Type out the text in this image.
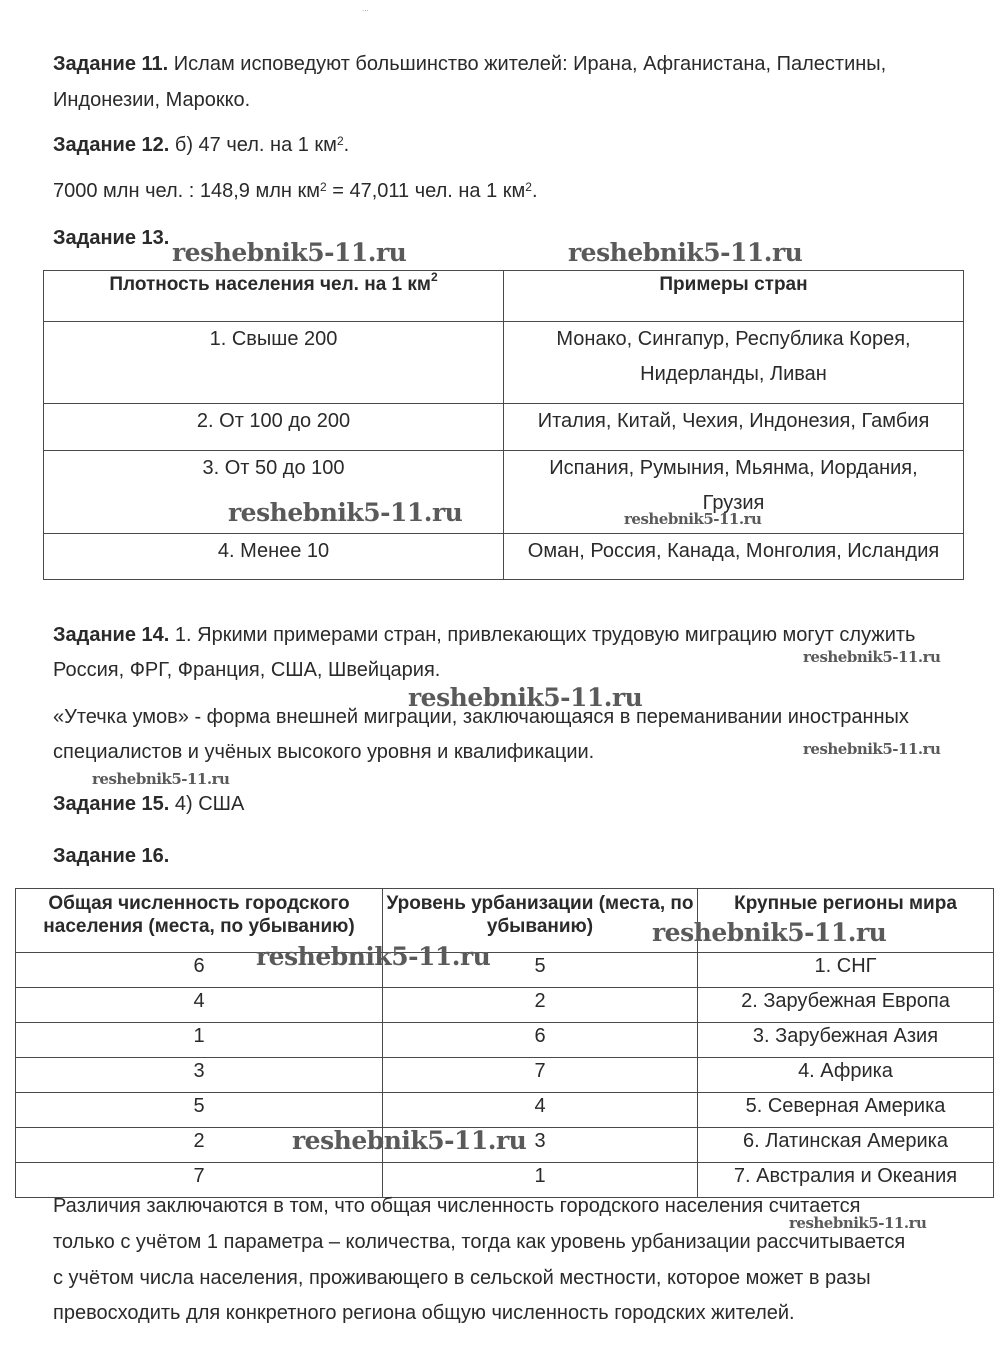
...
Задание 11. Ислам исповедуют большинство жителей: Ирана, Афганистана, Палестины,
Индонезии, Марокко.
Задание 12. б) 47 чел. на 1 $км^2$.
7000 млн чел. : 148,9 млн $км^2 = 47,011$ чел. на 1 $км^2$.
Задание 13.
Плотность населения чел. на 1 $км^2$	Примеры стран
1. Свыше 200	Монако, Сингапур, Республика Корея,
Нидерланды, Ливан

2. От 100 до 200	Италия, Китай, Чехия, Индонезия, Гамбия

3. От 50 до 100	Испания, Румыния, Мьянма, Иордания,
Грузия

4. Менее 10	Оман, Россия, Канада, Монголия, Исландия
Задание 14. 1. Яркими примерами стран, привлекающих трудовую миграцию могут служить
Россия, ФРГ, Франция, США, Швейцария.
«Утечка умов» - форма внешней миграции, заключающаяся в переманивании иностранных
специалистов и учёных высокого уровня и квалификации.
Задание 15. 4) США
Задание 16.
Общая численность городского населения (места, по убыванию)	Уровень урбанизации (места, по убыванию)	Крупные регионы мира
6	5	1. СНГ
4	2	2. Зарубежная Европа
1	6	3. Зарубежная Азия
3	7	4. Африка
5	4	5. Северная Америка
2	3	6. Латинская Америка
7	1	7. Австралия и Океания
Различия заключаются в том, что общая численность городского населения считается
только с учётом 1 параметра – количества, тогда как уровень урбанизации рассчитывается
с учётом числа населения, проживающего в сельской местности, которое может в разы
превосходить для конкретного региона общую численность городских жителей.
reshebnik5-11.ru	reshebnik5-11.ru
reshebnik5-11.ru	reshebnik5-11.ru
reshebnik5-11.ru
reshebnik5-11.ru
reshebnik5-11.ru
reshebnik5-11.ru
reshebnik5-11.ru
reshebnik5-11.ru
reshebnik5-11.ru
reshebnik5-11.ru
